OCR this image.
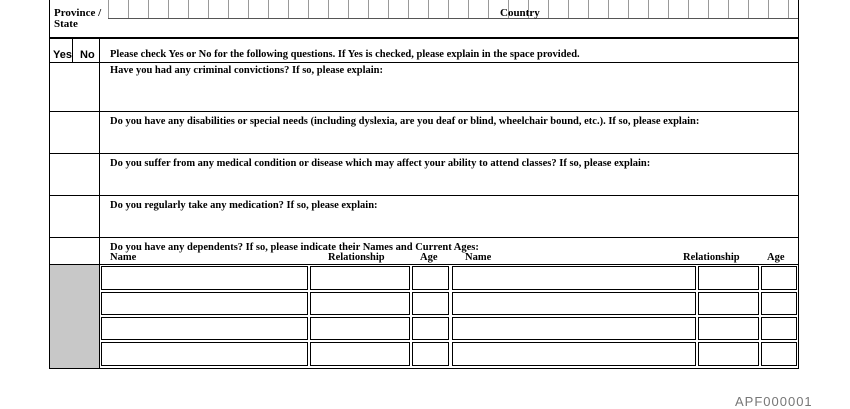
Province /
State
Country
Yes No Please check Yes or No for the following questions. If Yes is checked, please explain in the space provided.
Have you had any criminal convictions? If so, please explain:
Do you have any disabilities or special needs (including dyslexia, are you deaf or blind, wheelchair bound, etc.). If so, please explain:
Do you suffer from any medical condition or disease which may affect your ability to attend classes? If so, please explain:
Do you regularly take any medication? If so, please explain:
Do you have any dependents? If so, please indicate their Names and Current Ages:
Name	Relationship	Age	Name	Relationship	Age
APF000001
